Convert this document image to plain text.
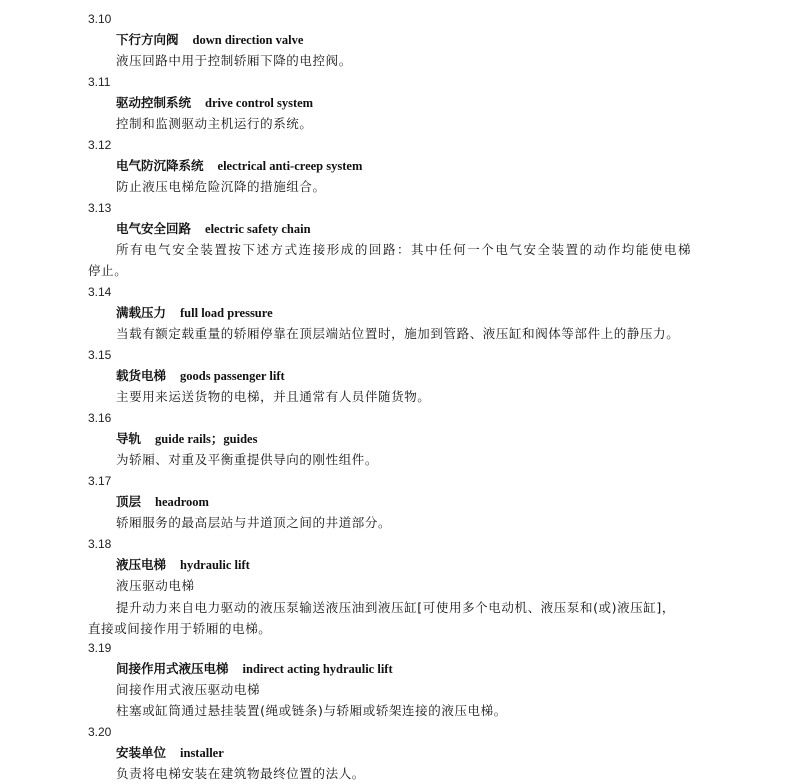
3.10
下行方向阀 down direction valve
液压回路中用于控制轿厢下降的电控阀。
3.11
驱动控制系统 drive control system
控制和监测驱动主机运行的系统。
3.12
电气防沉降系统 electrical anti-creep system
防止液压电梯危险沉降的措施组合。
3.13
电气安全回路 electric safety chain
所有电气安全装置按下述方式连接形成的回路：其中任何一个电气安全装置的动作均能使电梯
停止。
3.14
满载压力 full load pressure
当载有额定载重量的轿厢停靠在顶层端站位置时，施加到管路、液压缸和阀体等部件上的静压力。
3.15
载货电梯 goods passenger lift
主要用来运送货物的电梯，并且通常有人员伴随货物。
3.16
导轨 guide rails；guides
为轿厢、对重及平衡重提供导向的刚性组件。
3.17
顶层 headroom
轿厢服务的最高层站与井道顶之间的井道部分。
3.18
液压电梯 hydraulic lift
液压驱动电梯
提升动力来自电力驱动的液压泵输送液压油到液压缸[可使用多个电动机、液压泵和(或)液压缸]，
直接或间接作用于轿厢的电梯。
3.19
间接作用式液压电梯 indirect acting hydraulic lift
间接作用式液压驱动电梯
柱塞或缸筒通过悬挂装置(绳或链条)与轿厢或轿架连接的液压电梯。
3.20
安装单位 installer
负责将电梯安装在建筑物最终位置的法人。
